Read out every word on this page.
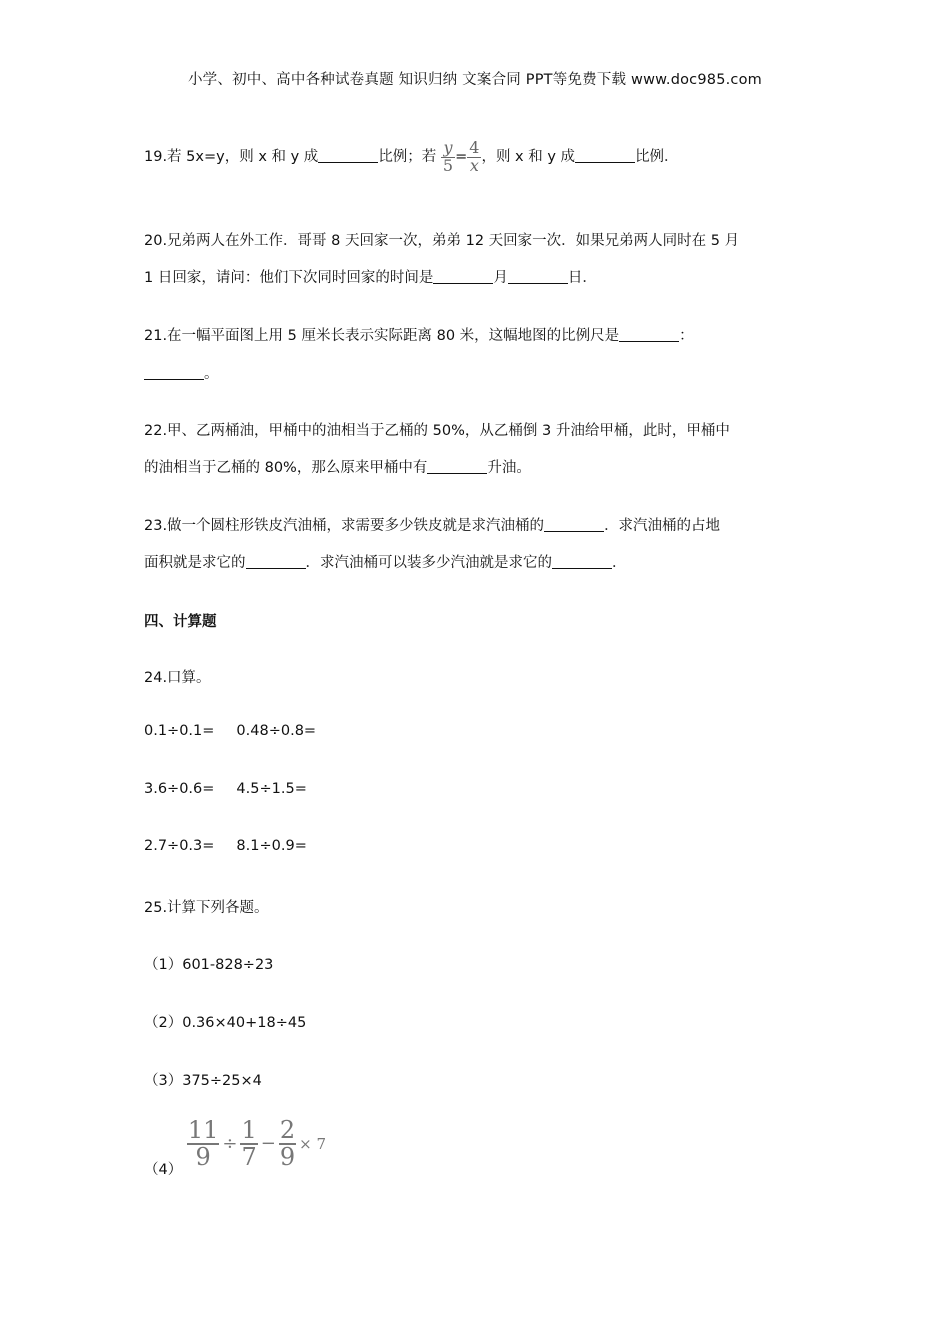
小学、初中、高中各种试卷真题 知识归纳 文案合同 PPT等免费下载 www.doc985.com
19.若 5x=y，则 x 和 y 成	比例；若 $\frac{y}{5} = \frac{4}{x}$ ，则 x 和 y 成	比例．
20.兄弟两人在外工作．哥哥 8 天回家一次，弟弟 12 天回家一次．如果兄弟两人同时在 5 月
1 日回家，请问：他们下次同时回家的时间是	月	日．
21.在一幅平面图上用 5 厘米长表示实际距离 80 米，这幅地图的比例尺是	：
。
22.甲、乙两桶油，甲桶中的油相当于乙桶的 50%，从乙桶倒 3 升油给甲桶，此时，甲桶中
的油相当于乙桶的 80%，那么原来甲桶中有	升油。
23.做一个圆柱形铁皮汽油桶，求需要多少铁皮就是求汽油桶的	．求汽油桶的占地
面积就是求它的	．求汽油桶可以装多少汽油就是求它的	．
四、计算题
24.口算。
0.1÷0.1= 0.48÷0.8=
3.6÷0.6= 4.5÷1.5=
2.7÷0.3= 8.1÷0.9=
25.计算下列各题。
（1）601-828÷23
（2）0.36×40+18÷45
（3）375÷25×4
（4）
$\frac{11}{9} \div \frac{1}{7} - \frac{2}{9} \times 7$
